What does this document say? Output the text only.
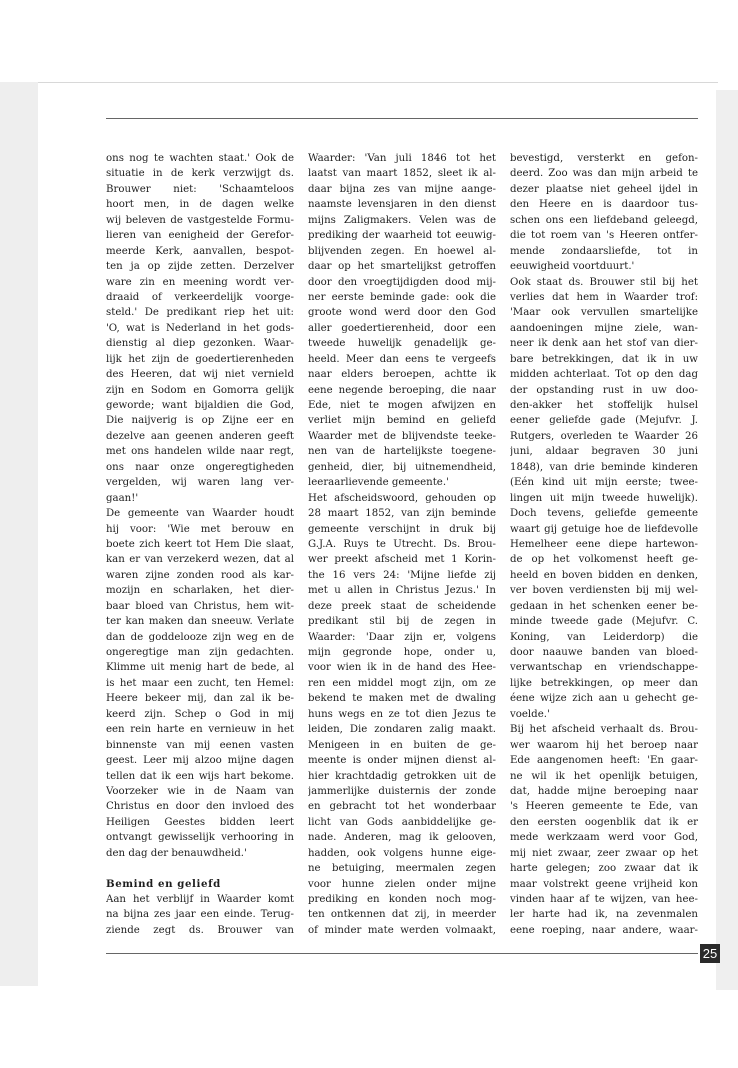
ons nog te wachten staat.' Ook de
situatie in de kerk verzwijgt ds.
Brouwer niet: 'Schaamteloos
hoort men, in de dagen welke
wij beleven de vastgestelde Formu-
lieren van eenigheid der Gerefor-
meerde Kerk, aanvallen, bespot-
ten ja op zijde zetten. Derzelver
ware zin en meening wordt ver-
draaid of verkeerdelijk voorge-
steld.' De predikant riep het uit:
'O, wat is Nederland in het gods-
dienstig al diep gezonken. Waar-
lijk het zijn de goedertierenheden
des Heeren, dat wij niet vernield
zijn en Sodom en Gomorra gelijk
geworde; want bijaldien die God,
Die naijverig is op Zijne eer en
dezelve aan geenen anderen geeft
met ons handelen wilde naar regt,
ons naar onze ongeregtigheden
vergelden, wij waren lang ver-
gaan!'
De gemeente van Waarder houdt
hij voor: 'Wie met berouw en
boete zich keert tot Hem Die slaat,
kan er van verzekerd wezen, dat al
waren zijne zonden rood als kar-
mozijn en scharlaken, het dier-
baar bloed van Christus, hem wit-
ter kan maken dan sneeuw. Verlate
dan de goddelooze zijn weg en de
ongeregtige man zijn gedachten.
Klimme uit menig hart de bede, al
is het maar een zucht, ten Hemel:
Heere bekeer mij, dan zal ik be-
keerd zijn. Schep o God in mij
een rein harte en vernieuw in het
binnenste van mij eenen vasten
geest. Leer mij alzoo mijne dagen
tellen dat ik een wijs hart bekome.
Voorzeker wie in de Naam van
Christus en door den invloed des
Heiligen Geestes bidden leert
ontvangt gewisselijk verhooring in
den dag der benauwdheid.'
Bemind en geliefd
Aan het verblijf in Waarder komt
na bijna zes jaar een einde. Terug-
ziende zegt ds. Brouwer van
Waarder: 'Van juli 1846 tot het
laatst van maart 1852, sleet ik al-
daar bijna zes van mijne aange-
naamste levensjaren in den dienst
mijns Zaligmakers. Velen was de
prediking der waarheid tot eeuwig-
blijvenden zegen. En hoewel al-
daar op het smartelijkst getroffen
door den vroegtijdigden dood mij-
ner eerste beminde gade: ook die
groote wond werd door den God
aller goedertierenheid, door een
tweede huwelijk genadelijk ge-
heeld. Meer dan eens te vergeefs
naar elders beroepen, achtte ik
eene negende beroeping, die naar
Ede, niet te mogen afwijzen en
verliet mijn bemind en geliefd
Waarder met de blijvendste teeke-
nen van de hartelijkste toegene-
genheid, dier, bij uitnemendheid,
leeraarlievende gemeente.'
Het afscheidswoord, gehouden op
28 maart 1852, van zijn beminde
gemeente verschijnt in druk bij
G.J.A. Ruys te Utrecht. Ds. Brou-
wer preekt afscheid met 1 Korin-
the 16 vers 24: 'Mijne liefde zij
met u allen in Christus Jezus.' In
deze preek staat de scheidende
predikant stil bij de zegen in
Waarder: 'Daar zijn er, volgens
mijn gegronde hope, onder u,
voor wien ik in de hand des Hee-
ren een middel mogt zijn, om ze
bekend te maken met de dwaling
huns wegs en ze tot dien Jezus te
leiden, Die zondaren zalig maakt.
Menigeen in en buiten de ge-
meente is onder mijnen dienst al-
hier krachtdadig getrokken uit de
jammerlijke duisternis der zonde
en gebracht tot het wonderbaar
licht van Gods aanbiddelijke ge-
nade. Anderen, mag ik gelooven,
hadden, ook volgens hunne eige-
ne betuiging, meermalen zegen
voor hunne zielen onder mijne
prediking en konden noch mog-
ten ontkennen dat zij, in meerder
of minder mate werden volmaakt,
bevestigd, versterkt en gefon-
deerd. Zoo was dan mijn arbeid te
dezer plaatse niet geheel ijdel in
den Heere en is daardoor tus-
schen ons een liefdeband geleegd,
die tot roem van 's Heeren ontfer-
mende zondaarsliefde, tot in
eeuwigheid voortduurt.'
Ook staat ds. Brouwer stil bij het
verlies dat hem in Waarder trof:
'Maar ook vervullen smartelijke
aandoeningen mijne ziele, wan-
neer ik denk aan het stof van dier-
bare betrekkingen, dat ik in uw
midden achterlaat. Tot op den dag
der opstanding rust in uw doo-
den-akker het stoffelijk hulsel
eener geliefde gade (Mejufvr. J.
Rutgers, overleden te Waarder 26
juni, aldaar begraven 30 juni
1848), van drie beminde kinderen
(Eén kind uit mijn eerste; twee-
lingen uit mijn tweede huwelijk).
Doch tevens, geliefde gemeente
waart gij getuige hoe de liefdevolle
Hemelheer eene diepe hartewon-
de op het volkomenst heeft ge-
heeld en boven bidden en denken,
ver boven verdiensten bij mij wel-
gedaan in het schenken eener be-
minde tweede gade (Mejufvr. C.
Koning, van Leiderdorp) die
door naauwe banden van bloed-
verwantschap en vriendschappe-
lijke betrekkingen, op meer dan
éene wijze zich aan u gehecht ge-
voelde.'
Bij het afscheid verhaalt ds. Brou-
wer waarom hij het beroep naar
Ede aangenomen heeft: 'En gaar-
ne wil ik het openlijk betuigen,
dat, hadde mijne beroeping naar
's Heeren gemeente te Ede, van
den eersten oogenblik dat ik er
mede werkzaam werd voor God,
mij niet zwaar, zeer zwaar op het
harte gelegen; zoo zwaar dat ik
maar volstrekt geene vrijheid kon
vinden haar af te wijzen, van hee-
ler harte had ik, na zevenmalen
eene roeping, naar andere, waar-
25
